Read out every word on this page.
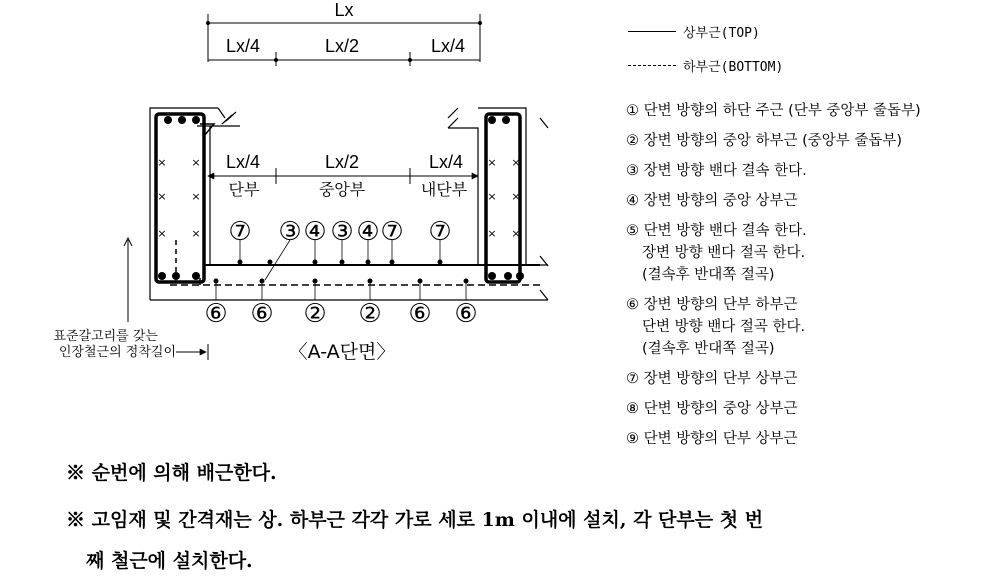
Lx
Lx/4	Lx/2	Lx/4
×
×
×
×
×
×
×
×
×
×
×
×
Lx/4	Lx/2	Lx/4
단부	중앙부	내단부
⑦ ③ ④ ③ ④ ⑦ ⑦
⑥ ⑥ ② ② ⑥ ⑥
표준갈고리를 갖는
인장철근의 정착길이	〈A-A단면〉
상부근(TOP)
하부근(BOTTOM)
① 단변 방향의 하단 주근 (단부 중앙부 줄돕부)
② 장변 방향의 중앙 하부근 (중앙부 줄돕부)
③ 장변 방향 밴다 결속 한다.
④ 장변 방향의 중앙 상부근
⑤ 단변 방향 밴다 결속 한다.
장변 방향 밴다 절곡 한다.
(결속후 반대쪽 절곡)
⑥ 장변 방향의 단부 하부근
단변 방향 밴다 절곡 한다.
(결속후 반대쪽 절곡)
⑦ 장변 방향의 단부 상부근
⑧ 단변 방향의 중앙 상부근
⑨ 단변 방향의 단부 상부근
※ 순번에 의해 배근한다.
※ 고임재 및 간격재는 상. 하부근 각각 가로 세로 1m 이내에 설치, 각 단부는 첫 번
째 철근에 설치한다.
